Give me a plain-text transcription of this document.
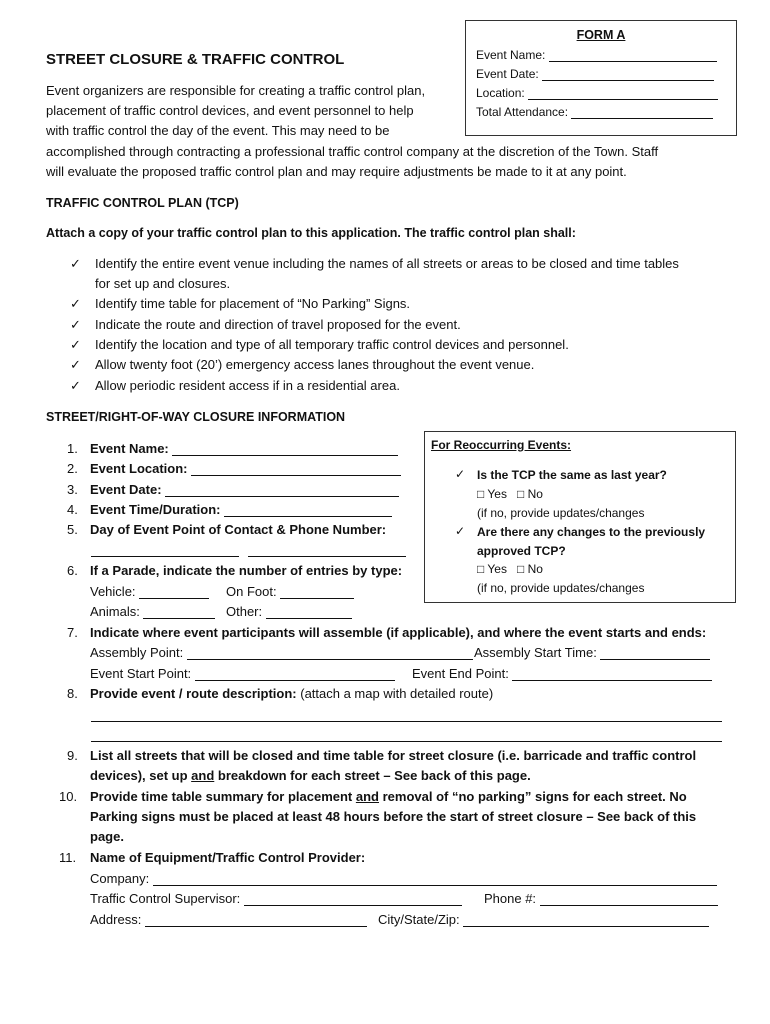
FORM A
Event Name:
Event Date:
Location:
Total Attendance:
STREET CLOSURE & TRAFFIC CONTROL
Event organizers are responsible for creating a traffic control plan,
placement of traffic control devices, and event personnel to help
with traffic control the day of the event. This may need to be
accomplished through contracting a professional traffic control company at the discretion of the Town. Staff
will evaluate the proposed traffic control plan and may require adjustments be made to it at any point.
TRAFFIC CONTROL PLAN (TCP)
Attach a copy of your traffic control plan to this application. The traffic control plan shall:
✓ Identify the entire event venue including the names of all streets or areas to be closed and time tables
for set up and closures.
✓ Identify time table for placement of “No Parking” Signs.
✓ Indicate the route and direction of travel proposed for the event.
✓ Identify the location and type of all temporary traffic control devices and personnel.
✓ Allow twenty foot (20’) emergency access lanes throughout the event venue.
✓ Allow periodic resident access if in a residential area.
STREET/RIGHT-OF-WAY CLOSURE INFORMATION
For Reoccurring Events:
✓ Is the TCP the same as last year?
□ Yes □ No
(if no, provide updates/changes
✓ Are there any changes to the previously
approved TCP?
□ Yes □ No
(if no, provide updates/changes
1. Event Name:
2. Event Location:
3. Event Date:
4. Event Time/Duration:
5. Day of Event Point of Contact & Phone Number:
6. If a Parade, indicate the number of entries by type:
Vehicle:	On Foot:
Animals:	Other:
7. Indicate where event participants will assemble (if applicable), and where the event starts and ends:
Assembly Point:	Assembly Start Time:
Event Start Point:	Event End Point:
8. Provide event / route description: (attach a map with detailed route)
9. List all streets that will be closed and time table for street closure (i.e. barricade and traffic control
devices), set up and breakdown for each street – See back of this page.
10. Provide time table summary for placement and removal of “no parking” signs for each street. No
Parking signs must be placed at least 48 hours before the start of street closure – See back of this
page.
11.	Name of Equipment/Traffic Control Provider:
Company:
Traffic Control Supervisor:	Phone #:
Address:	City/State/Zip:
